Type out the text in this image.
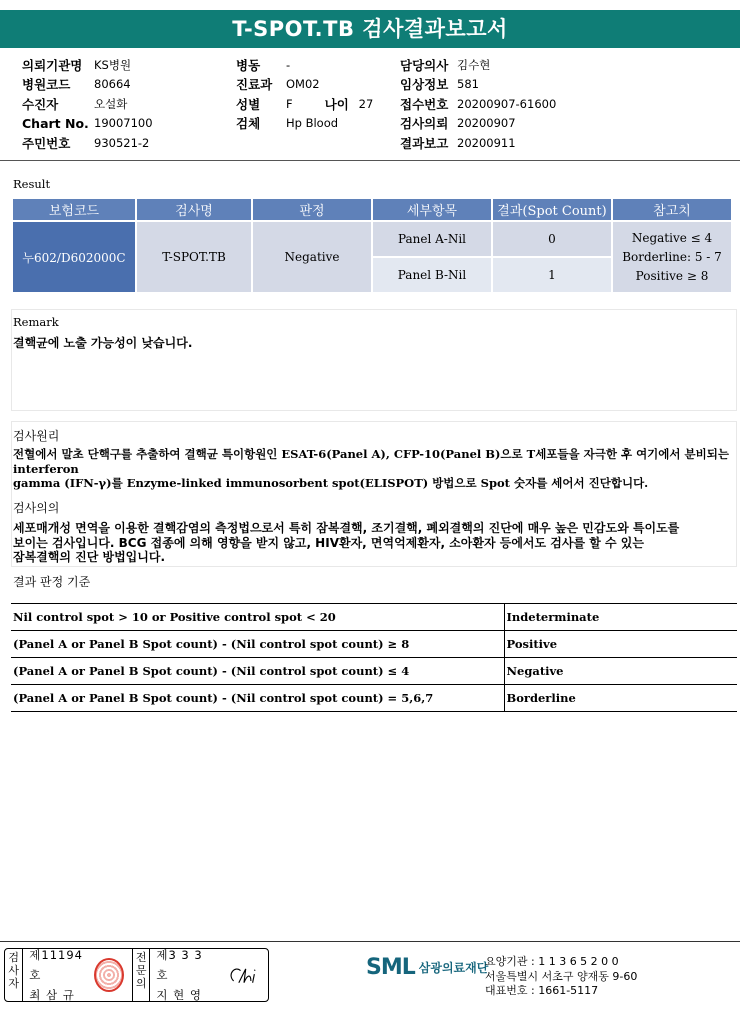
T-SPOT.TB 검사결과보고서
의뢰기관명	KS병원
병원코드	80664
수진자	오설화
Chart No. 19007100
주민번호	930521-2
병동	-
진료과	OM02
성별	F	나이 27
검체	Hp Blood
담당의사 김수현
임상정보 581
접수번호 20200907-61600
검사의뢰 20200907
결과보고 20200911
Result
보험코드	검사명	판정	세부항목	결과(Spot Count)	참고치
누602/D602000C	T-SPOT.TB	Negative	Panel A-Nil	0	Negative ≤ 4
Borderline: 5 - 7
Positive ≥ 8

			Panel B-Nil	1	
Remark
결핵균에 노출 가능성이 낮습니다.
검사원리
전혈에서 말초 단핵구를 추출하여 결핵균 특이항원인 ESAT-6(Panel A), CFP-10(Panel B)으로 T세포들을 자극한 후 여기에서 분비되는
interferon
gamma (IFN-γ)를 Enzyme-linked immunosorbent spot(ELISPOT) 방법으로 Spot 숫자를 세어서 진단합니다.
검사의의
세포매개성 면역을 이용한 결핵감염의 측정법으로서 특히 잠복결핵, 조기결핵, 폐외결핵의 진단에 매우 높은 민감도와 특이도를
보이는 검사입니다. BCG 접종에 의해 영향을 받지 않고, HIV환자, 면역억제환자, 소아환자 등에서도 검사를 할 수 있는
잠복결핵의 진단 방법입니다.
결과 판정 기준
Nil control spot > 10 or Positive control spot < 20	Indeterminate
(Panel A or Panel B Spot count) - (Nil control spot count) ≥ 8	Positive
(Panel A or Panel B Spot count) - (Nil control spot count) ≤ 4	Negative
(Panel A or Panel B Spot count) - (Nil control spot count) = 5,6,7	Borderline
검
사
자
제11194호
최 삼 규
전
문
의
제3 3 3 호
지 현 영
SML 삼광의료재단
요양기관 : 1 1 3 6 5 2 0 0
서울특별시 서초구 양재동 9-60
대표번호 : 1661-5117
